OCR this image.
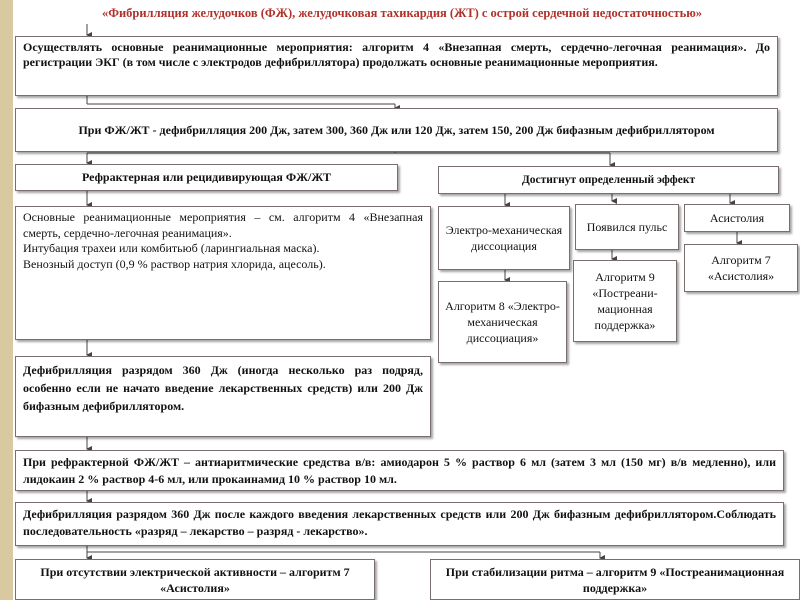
«Фибрилляция желудочков (ФЖ), желудочковая тахикардия (ЖТ) с острой сердечной недостаточностью»
Осуществлять основные реанимационные мероприятия: алгоритм 4 «Внезапная смерть, сердечно-легочная реанимация». До регистрации ЭКГ (в том числе с электродов дефибриллятора) продолжать основные реанимационные мероприятия.
При ФЖ/ЖТ - дефибрилляция 200 Дж, затем 300, 360 Дж или 120 Дж, затем 150, 200 Дж бифазным дефибриллятором
Рефрактерная или рецидивирующая ФЖ/ЖТ	Достигнут определенный эффект
Основные реанимационные мероприятия – см. алгоритм 4 «Внезапная смерть, сердечно-легочная реанимация».
Интубация трахеи или комбитьюб (ларингиальная маска).
Венозный доступ (0,9 % раствор натрия хлорида, ацесоль).
Электро-механическая диссоциация
Появился пульс
Асистолия
Алгоритм 8 «Электро-механическая диссоциация»
Алгоритм 9 «Постреани-мационная поддержка»
Алгоритм 7 «Асистолия»
Дефибрилляция разрядом 360 Дж (иногда несколько раз подряд, особенно если не начато введение лекарственных средств) или 200 Дж бифазным дефибриллятором.
При рефрактерной ФЖ/ЖТ – антиаритмические средства в/в: амиодарон 5 % раствор 6 мл (затем 3 мл (150 мг) в/в медленно), или лидокаин 2 % раствор 4-6 мл, или прокаинамид 10 % раствор 10 мл.
Дефибрилляция разрядом 360 Дж после каждого введения лекарственных средств или 200 Дж бифазным дефибриллятором.Соблюдать последовательность «разряд – лекарство – разряд - лекарство».
При отсутствии электрической активности – алгоритм 7 «Асистолия»
При стабилизации ритма – алгоритм 9 «Постреанимационная поддержка»
